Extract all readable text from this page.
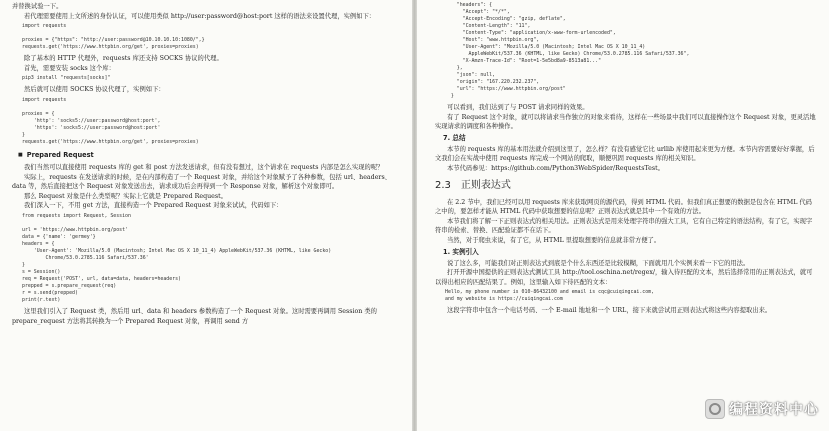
并替换试验一下。

若代理需要使用上文所述的身份认证，可以使用类似 http://user:password@host:port 这样的语法来设置代理，实例如下：

import requests

proxies = {"https": "http://user:password@10.10.10.10:1080/",}
requests.get('https://www.httpbin.org/get', proxies=proxies)

除了基本的 HTTP 代理外，requests 库还支持 SOCKS 协议的代理。

首先，需要安装 socks 这个库：

pip3 install "requests[socks]"

然后就可以使用 SOCKS 协议代理了，实例如下：

import requests

proxies = {
'http': 'socks5://user:password@host:port',
'https': 'socks5://user:password@host:port'
}
requests.get('https://www.httpbin.org/get', proxies=proxies)
■ Prepared Request

我们当然可以直接使用 requests 库的 get 和 post 方法发送请求，但有没有想过，这个请求在 requests 内部是怎么实现的呢？

实际上，requests 在发送请求的时候，是在内部构造了一个 Request 对象，并给这个对象赋予了各种参数，包括 url、headers、data 等，然后直接把这个 Request 对象发送出去，请求成功后会再得到一个 Response 对象，解析这个对象即可。

那么 Request 对象是什么类型呢？实际上它就是 Prepared Request。

我们深入一下，不用 get 方法，直接构造一个 Prepared Request 对象来试试，代码如下：

from requests import Request, Session

url = 'https://www.httpbin.org/post'
data = {'name': 'germey'}
headers = {
'User-Agent': 'Mozilla/5.0 (Macintosh; Intel Mac OS X 10_11_4) AppleWebKit/537.36 (KHTML, like Gecko)
Chrome/53.0.2785.116 Safari/537.36'
}
s = Session()
req = Request('POST', url, data=data, headers=headers)
prepped = s.prepare_request(req)
r = s.send(prepped)
print(r.text)

这里我们引入了 Request 类，然后用 url、data 和 headers 参数构造了一个 Request 对象。这时需要再调用 Session 类的 prepare_request 方法将其转换为一个 Prepared Request 对象，再调用 send 方

"headers": {
"Accept": "*/*",
"Accept-Encoding": "gzip, deflate",
"Content-Length": "11",
"Content-Type": "application/x-www-form-urlencoded",
"Host": "www.httpbin.org",
"User-Agent": "Mozilla/5.0 (Macintosh; Intel Mac OS X 10_11_4)
AppleWebKit/537.36 (KHTML, like Gecko) Chrome/53.0.2785.116 Safari/537.36",
"X-Amzn-Trace-Id": "Root=1-5e5bd8a9-8513a81..."
},
"json": null,
"origin": "167.220.232.237",
"url": "https://www.httpbin.org/post"
}

可以看到，我们达到了与 POST 请求同样的效果。

有了 Request 这个对象，就可以将请求当作独立的对象来看待，这样在一些场景中我们可以直接操作这个 Request 对象，更灵活地实现请求的调度和各种操作。

7. 总结

本节的 requests 库的基本用法就介绍到这里了，怎么样？有没有感觉它比 urllib 库使用起来更为方便。本节内容需要好好掌握，后文我们会在实战中使用 requests 库完成一个网站的爬取，顺便巩固 requests 库的相关知识。

本节代码参见：https://github.com/Python3WebSpider/RequestsTest。

2.3 正则表达式

在 2.2 节中，我们已经可以用 requests 库来获取网页的源代码，得到 HTML 代码。但我们真正想要的数据是包含在 HTML 代码之中的，要怎样才能从 HTML 代码中获取想要的信息呢？正则表达式就是其中一个有效的方法。

本节我们将了解一下正则表达式的相关用法。正则表达式是用来处理字符串的强大工具，它有自己特定的语法结构，有了它，实现字符串的检索、替换、匹配验证都不在话下。

当然，对于爬虫来说，有了它，从 HTML 里提取想要的信息就非常方便了。

1. 实例引入

说了这么多，可能我们对正则表达式到底是个什么东西还是比较模糊，下面就用几个实例来看一下它的用法。

打开开源中国提供的正则表达式测试工具 http://tool.oschina.net/regex/，输入待匹配的文本，然后选择常用的正则表达式，就可以得出相应的匹配结果了。例如，这里输入如下待匹配的文本：

Hello, my phone number is 010-86432100 and email is cqc@cuiqingcai.com,
and my website is https://cuiqingcai.com

这段字符串中包含一个电话号码、一个 E-mail 地址和一个 URL，接下来就尝试用正则表达式将这些内容提取出来。

编程资料中心
